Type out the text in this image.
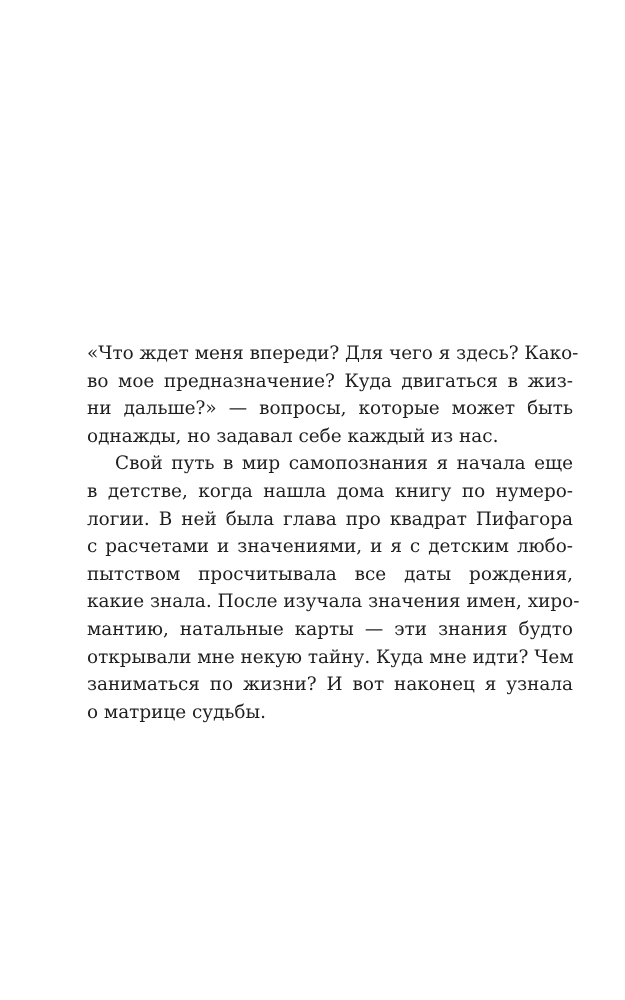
«Что ждет меня впереди? Для чего я здесь? Како-
во мое предназначение? Куда двигаться в жиз-
ни дальше?» — вопросы, которые может быть
однажды, но задавал себе каждый из нас.
Свой путь в мир самопознания я начала еще
в детстве, когда нашла дома книгу по нумеро-
логии. В ней была глава про квадрат Пифагора
с расчетами и значениями, и я с детским любо-
пытством просчитывала все даты рождения,
какие знала. После изучала значения имен, хиро-
мантию, натальные карты — эти знания будто
открывали мне некую тайну. Куда мне идти? Чем
заниматься по жизни? И вот наконец я узнала
о матрице судьбы.
